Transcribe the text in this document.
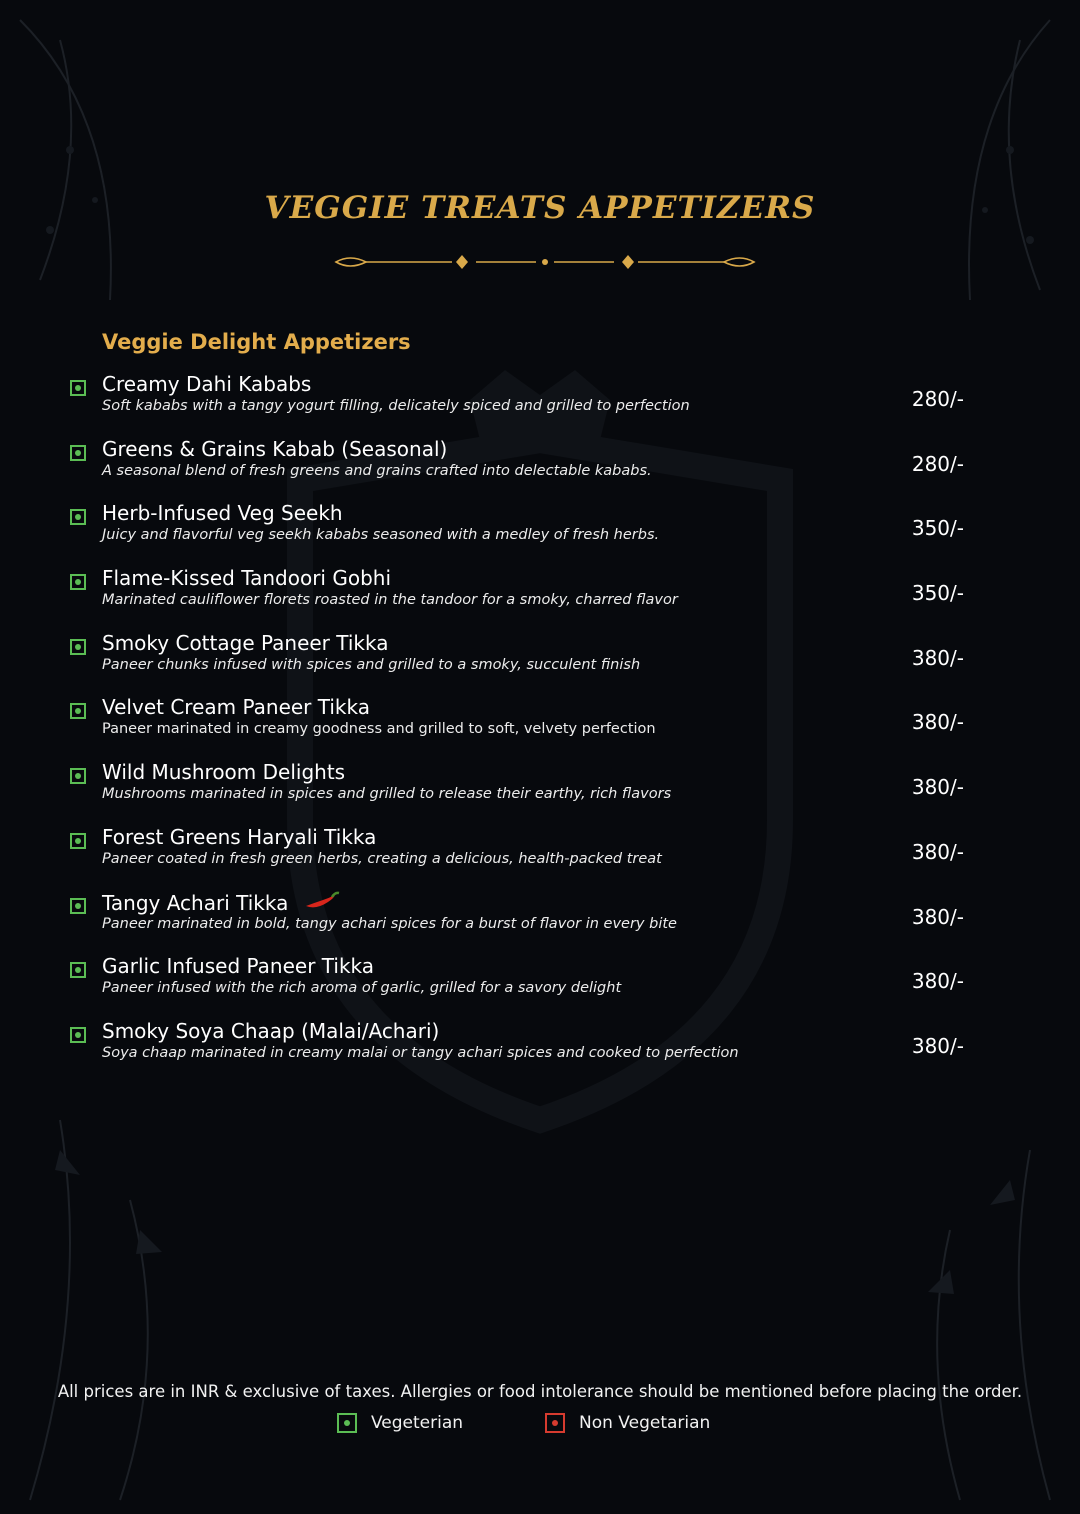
VEGGIE TREATS APPETIZERS
Veggie Delight Appetizers
Creamy Dahi Kababs
Soft kababs with a tangy yogurt filling, delicately spiced and grilled to perfection	280/-
Greens & Grains Kabab (Seasonal)
A seasonal blend of fresh greens and grains crafted into delectable kababs.	280/-
Herb-Infused Veg Seekh
Juicy and flavorful veg seekh kababs seasoned with a medley of fresh herbs.	350/-
Flame-Kissed Tandoori Gobhi
Marinated cauliflower florets roasted in the tandoor for a smoky, charred flavor	350/-
Smoky Cottage Paneer Tikka
Paneer chunks infused with spices and grilled to a smoky, succulent finish	380/-
Velvet Cream Paneer Tikka
Paneer marinated in creamy goodness and grilled to soft, velvety perfection	380/-
Wild Mushroom Delights
Mushrooms marinated in spices and grilled to release their earthy, rich flavors	380/-
Forest Greens Haryali Tikka
Paneer coated in fresh green herbs, creating a delicious, health-packed treat	380/-
Tangy Achari Tikka
Paneer marinated in bold, tangy achari spices for a burst of flavor in every bite	380/-
Garlic Infused Paneer Tikka
Paneer infused with the rich aroma of garlic, grilled for a savory delight	380/-
Smoky Soya Chaap (Malai/Achari)
Soya chaap marinated in creamy malai or tangy achari spices and cooked to perfection	380/-
All prices are in INR & exclusive of taxes. Allergies or food intolerance should be mentioned before placing the order.
Vegeterian	Non Vegetarian
